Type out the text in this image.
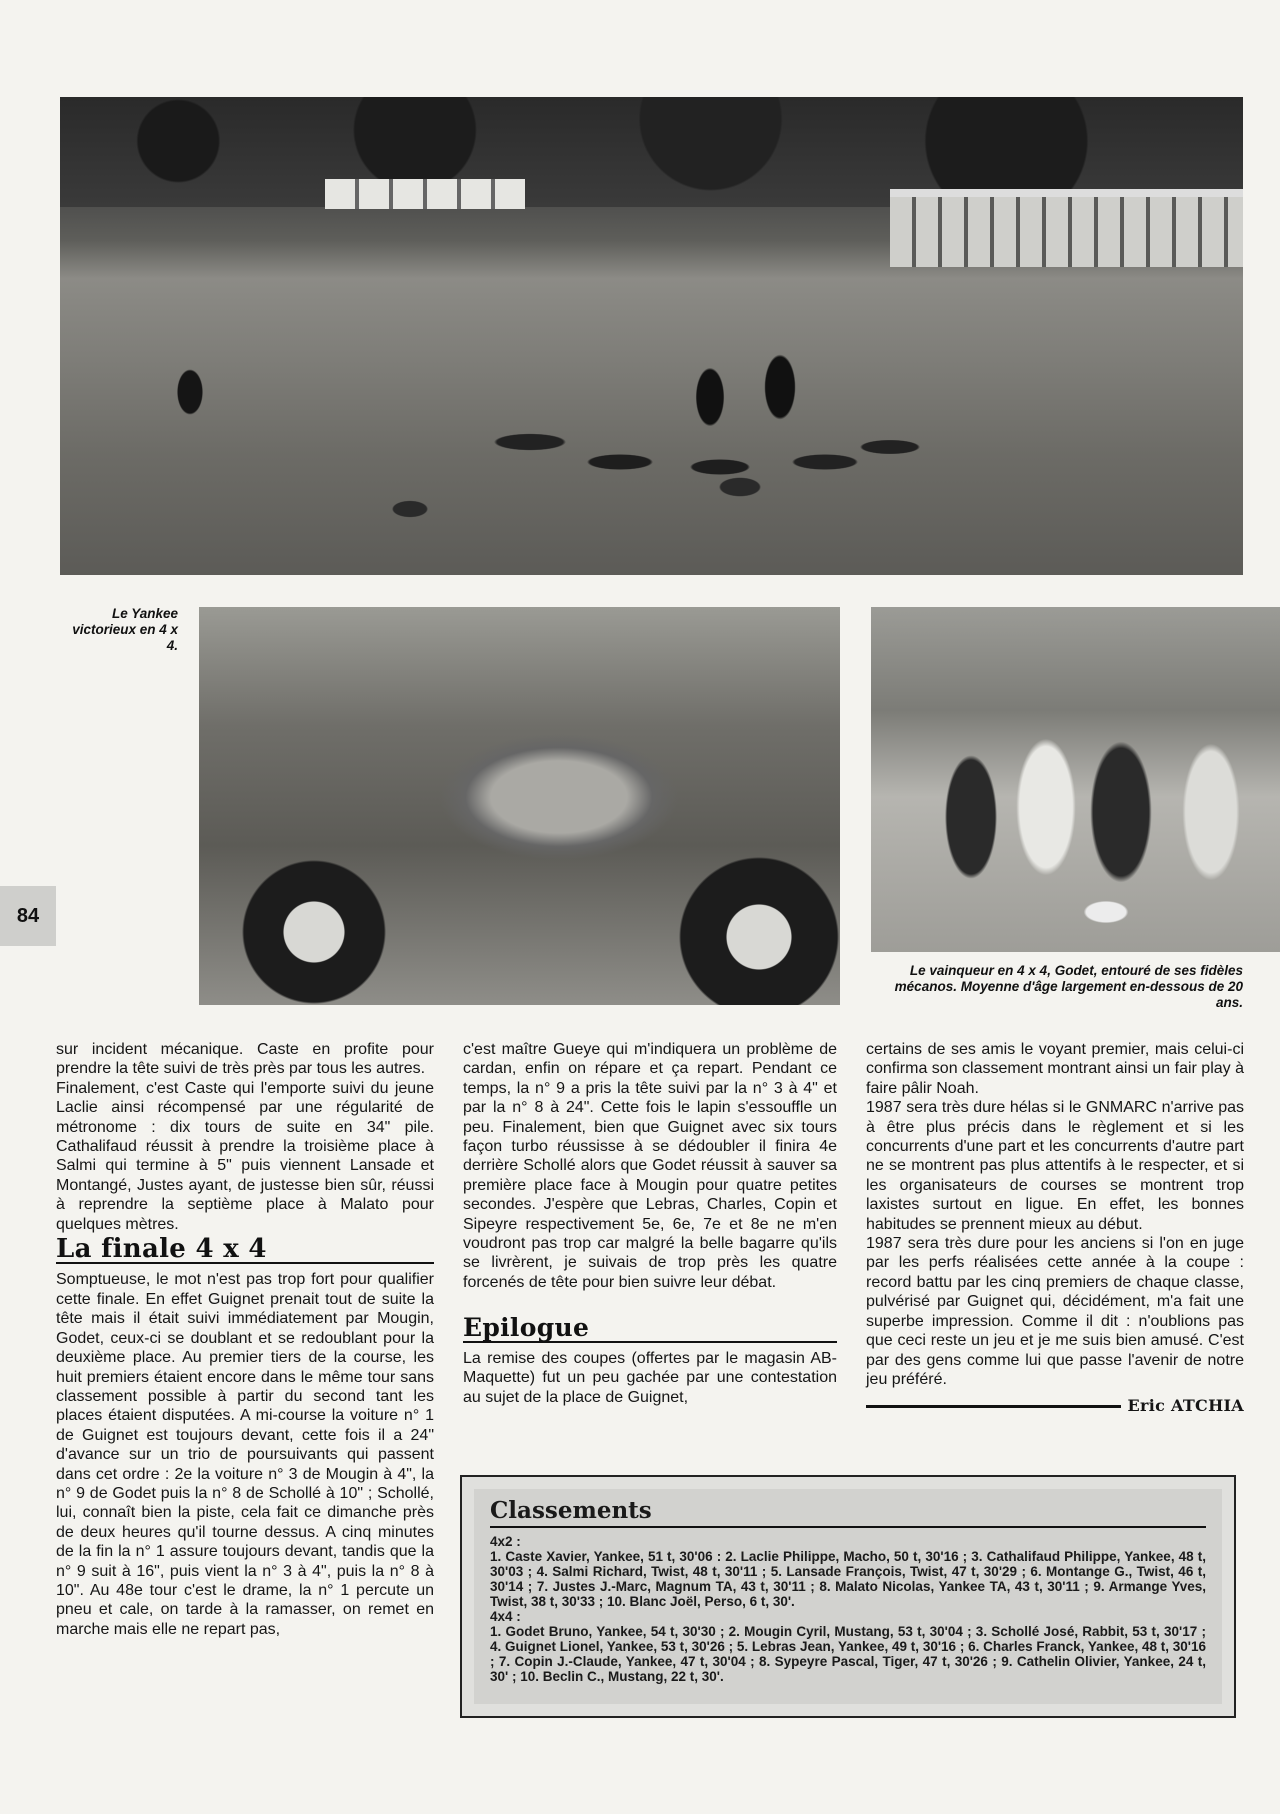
Le Yankee victorieux en 4 x 4.
Le vainqueur en 4 x 4, Godet, entouré de ses fidèles mécanos. Moyenne d'âge largement en-dessous de 20 ans.
84

sur incident mécanique. Caste en profite pour prendre la tête suivi de très près par tous les autres.

Finalement, c'est Caste qui l'emporte suivi du jeune Laclie ainsi récompensé par une régularité de métronome : dix tours de suite en 34" pile. Cathalifaud réussit à prendre la troisième place à Salmi qui termine à 5" puis viennent Lansade et Montangé, Justes ayant, de justesse bien sûr, réussi à reprendre la septième place à Malato pour quelques mètres.

La finale 4 x 4

Somptueuse, le mot n'est pas trop fort pour qualifier cette finale. En effet Guignet prenait tout de suite la tête mais il était suivi immédiatement par Mougin, Godet, ceux-ci se doublant et se redoublant pour la deuxième place. Au premier tiers de la course, les huit premiers étaient encore dans le même tour sans classement possible à partir du second tant les places étaient disputées. A mi-course la voiture n° 1 de Guignet est toujours devant, cette fois il a 24" d'avance sur un trio de poursuivants qui passent dans cet ordre : 2e la voiture n° 3 de Mougin à 4", la n° 9 de Godet puis la n° 8 de Schollé à 10" ; Schollé, lui, connaît bien la piste, cela fait ce dimanche près de deux heures qu'il tourne dessus. A cinq minutes de la fin la n° 1 assure toujours devant, tandis que la n° 9 suit à 16", puis vient la n° 3 à 4", puis la n° 8 à 10". Au 48e tour c'est le drame, la n° 1 percute un pneu et cale, on tarde à la ramasser, on remet en marche mais elle ne repart pas,

c'est maître Gueye qui m'indiquera un problème de cardan, enfin on répare et ça repart. Pendant ce temps, la n° 9 a pris la tête suivi par la n° 3 à 4" et par la n° 8 à 24". Cette fois le lapin s'essouffle un peu. Finalement, bien que Guignet avec six tours façon turbo réussisse à se dédoubler il finira 4e derrière Schollé alors que Godet réussit à sauver sa première place face à Mougin pour quatre petites secondes. J'espère que Lebras, Charles, Copin et Sipeyre respectivement 5e, 6e, 7e et 8e ne m'en voudront pas trop car malgré la belle bagarre qu'ils se livrèrent, je suivais de trop près les quatre forcenés de tête pour bien suivre leur débat.

Epilogue

La remise des coupes (offertes par le magasin AB-Maquette) fut un peu gachée par une contestation au sujet de la place de Guignet,

certains de ses amis le voyant premier, mais celui-ci confirma son classement montrant ainsi un fair play à faire pâlir Noah.

1987 sera très dure hélas si le GNMARC n'arrive pas à être plus précis dans le règlement et si les concurrents d'une part et les concurrents d'autre part ne se montrent pas plus attentifs à le respecter, et si les organisateurs de courses se montrent trop laxistes surtout en ligue. En effet, les bonnes habitudes se prennent mieux au début.

1987 sera très dure pour les anciens si l'on en juge par les perfs réalisées cette année à la coupe : record battu par les cinq premiers de chaque classe, pulvérisé par Guignet qui, décidément, m'a fait une superbe impression. Comme il dit : n'oublions pas que ceci reste un jeu et je me suis bien amusé. C'est par des gens comme lui que passe l'avenir de notre jeu préféré.

Eric ATCHIA
Classements
4x2 :
1. Caste Xavier, Yankee, 51 t, 30'06 : 2. Laclie Philippe, Macho, 50 t, 30'16 ; 3. Cathalifaud Philippe, Yankee, 48 t, 30'03 ; 4. Salmi Richard, Twist, 48 t, 30'11 ; 5. Lansade François, Twist, 47 t, 30'29 ; 6. Montange G., Twist, 46 t, 30'14 ; 7. Justes J.-Marc, Magnum TA, 43 t, 30'11 ; 8. Malato Nicolas, Yankee TA, 43 t, 30'11 ; 9. Armange Yves, Twist, 38 t, 30'33 ; 10. Blanc Joël, Perso, 6 t, 30'.
4x4 :
1. Godet Bruno, Yankee, 54 t, 30'30 ; 2. Mougin Cyril, Mustang, 53 t, 30'04 ; 3. Schollé José, Rabbit, 53 t, 30'17 ; 4. Guignet Lionel, Yankee, 53 t, 30'26 ; 5. Lebras Jean, Yankee, 49 t, 30'16 ; 6. Charles Franck, Yankee, 48 t, 30'16 ; 7. Copin J.-Claude, Yankee, 47 t, 30'04 ; 8. Sypeyre Pascal, Tiger, 47 t, 30'26 ; 9. Cathelin Olivier, Yankee, 24 t, 30' ; 10. Beclin C., Mustang, 22 t, 30'.
